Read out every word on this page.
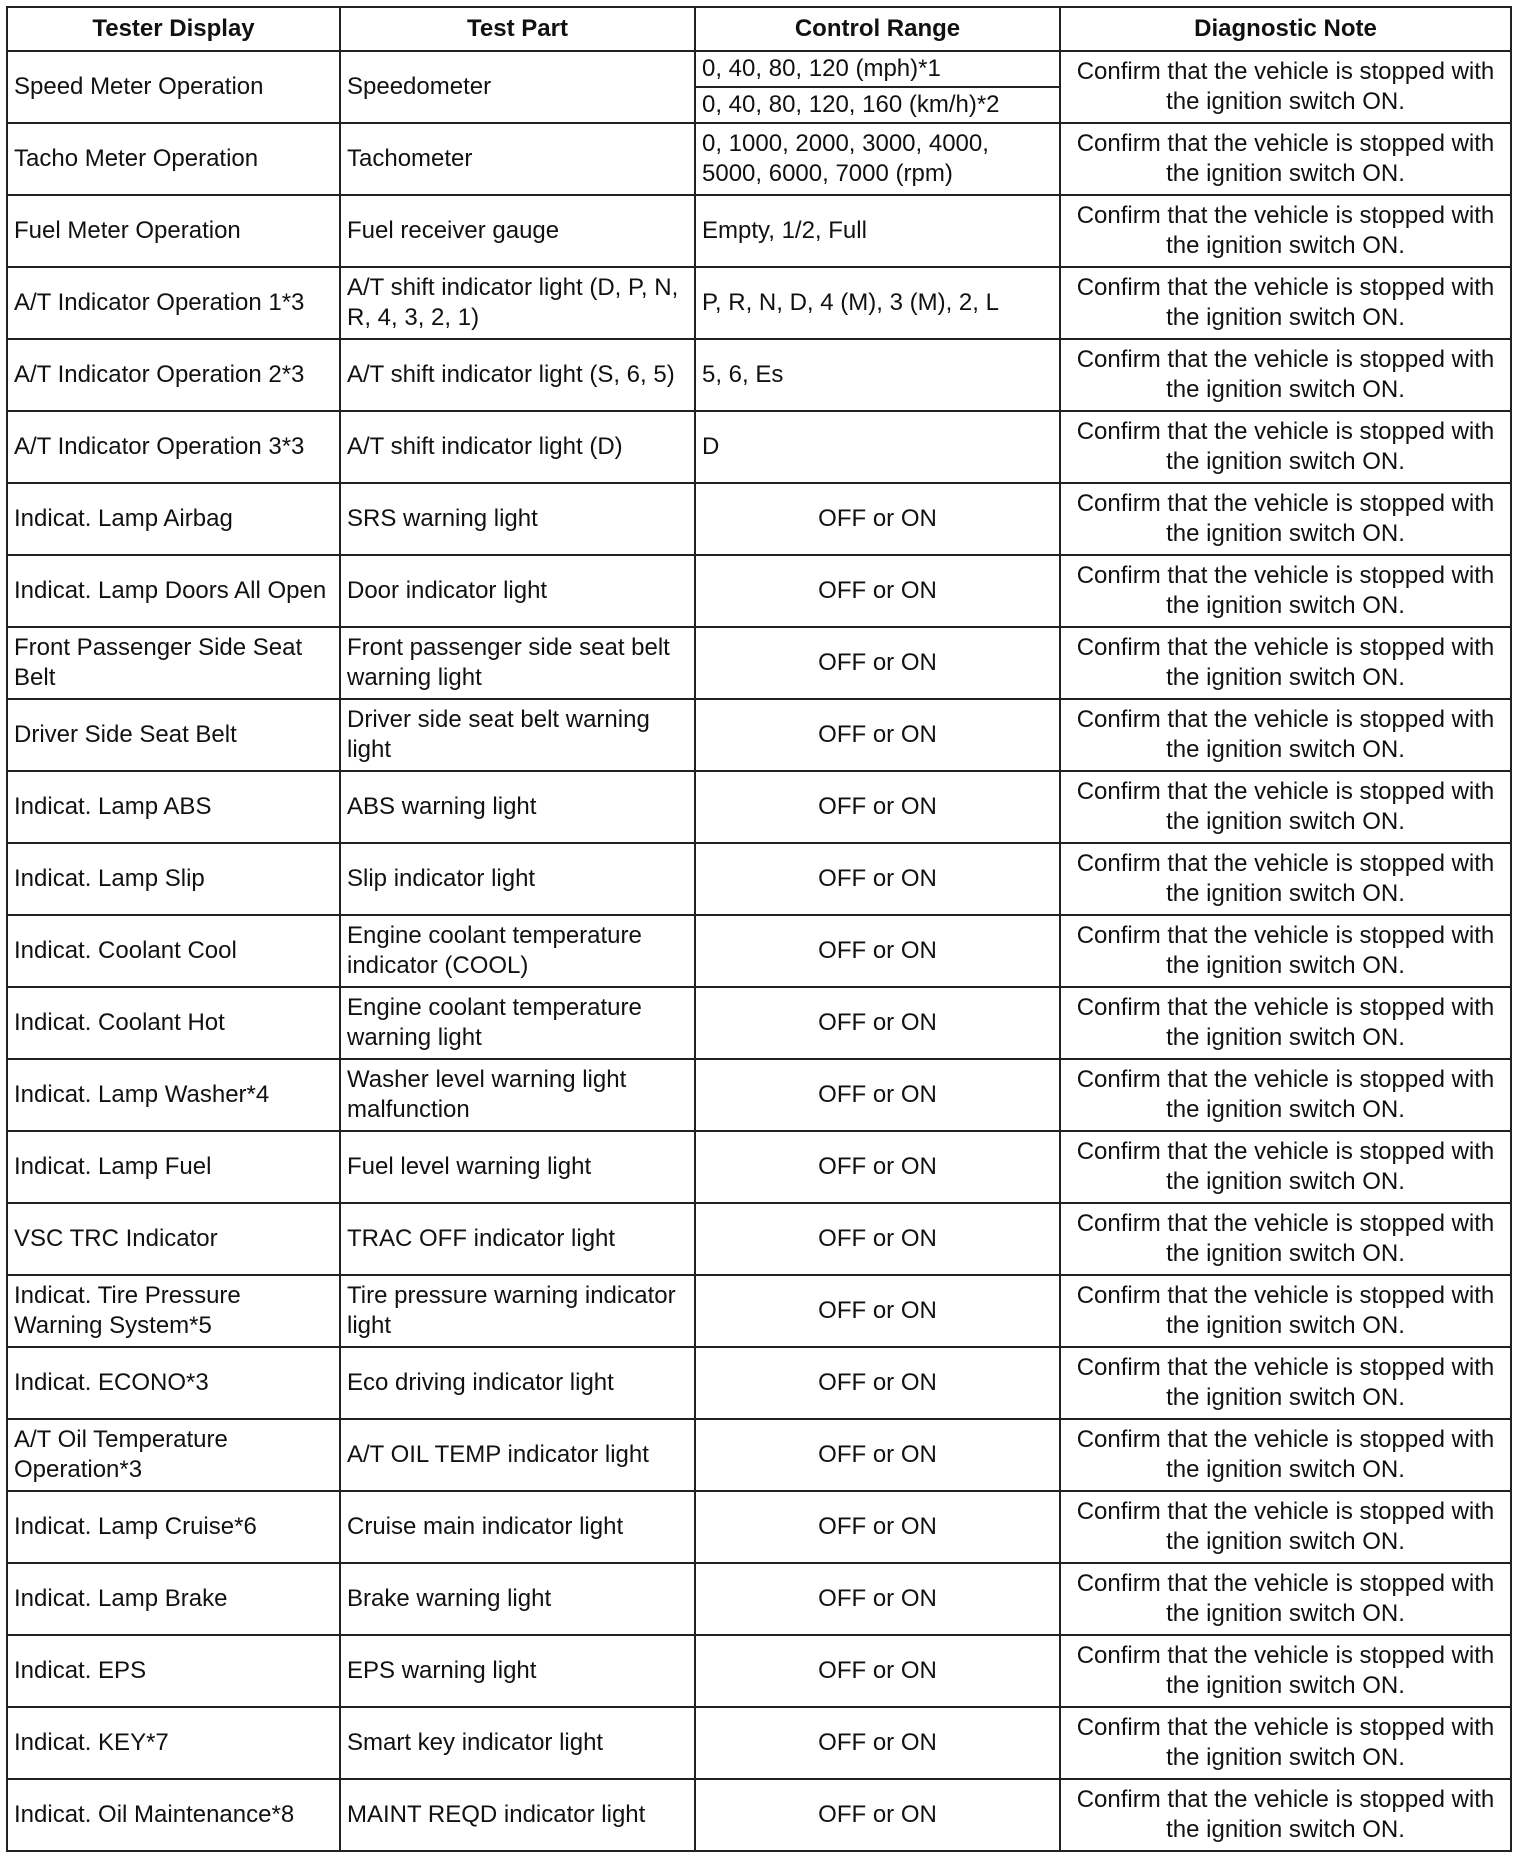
Tester Display	Test Part	Control Range	Diagnostic Note
Speed Meter Operation	Speedometer	0, 40, 80, 120 (mph)*1	Confirm that the vehicle is stopped with the ignition switch ON.
		0, 40, 80, 120, 160 (km/h)*2	
Tacho Meter Operation	Tachometer	0, 1000, 2000, 3000, 4000, 5000, 6000, 7000 (rpm)	Confirm that the vehicle is stopped with the ignition switch ON.
Fuel Meter Operation	Fuel receiver gauge	Empty, 1/2, Full	Confirm that the vehicle is stopped with the ignition switch ON.
A/T Indicator Operation 1*3	A/T shift indicator light (D, P, N, R, 4, 3, 2, 1)	P, R, N, D, 4 (M), 3 (M), 2, L	Confirm that the vehicle is stopped with the ignition switch ON.
A/T Indicator Operation 2*3	A/T shift indicator light (S, 6, 5)	5, 6, Es	Confirm that the vehicle is stopped with the ignition switch ON.
A/T Indicator Operation 3*3	A/T shift indicator light (D)	D	Confirm that the vehicle is stopped with the ignition switch ON.
Indicat. Lamp Airbag	SRS warning light	OFF or ON	Confirm that the vehicle is stopped with the ignition switch ON.
Indicat. Lamp Doors All Open	Door indicator light	OFF or ON	Confirm that the vehicle is stopped with the ignition switch ON.
Front Passenger Side Seat Belt	Front passenger side seat belt warning light	OFF or ON	Confirm that the vehicle is stopped with the ignition switch ON.
Driver Side Seat Belt	Driver side seat belt warning light	OFF or ON	Confirm that the vehicle is stopped with the ignition switch ON.
Indicat. Lamp ABS	ABS warning light	OFF or ON	Confirm that the vehicle is stopped with the ignition switch ON.
Indicat. Lamp Slip	Slip indicator light	OFF or ON	Confirm that the vehicle is stopped with the ignition switch ON.
Indicat. Coolant Cool	Engine coolant temperature indicator (COOL)	OFF or ON	Confirm that the vehicle is stopped with the ignition switch ON.
Indicat. Coolant Hot	Engine coolant temperature warning light	OFF or ON	Confirm that the vehicle is stopped with the ignition switch ON.
Indicat. Lamp Washer*4	Washer level warning light malfunction	OFF or ON	Confirm that the vehicle is stopped with the ignition switch ON.
Indicat. Lamp Fuel	Fuel level warning light	OFF or ON	Confirm that the vehicle is stopped with the ignition switch ON.
VSC TRC Indicator	TRAC OFF indicator light	OFF or ON	Confirm that the vehicle is stopped with the ignition switch ON.
Indicat. Tire Pressure Warning System*5	Tire pressure warning indicator light	OFF or ON	Confirm that the vehicle is stopped with the ignition switch ON.
Indicat. ECONO*3	Eco driving indicator light	OFF or ON	Confirm that the vehicle is stopped with the ignition switch ON.
A/T Oil Temperature Operation*3	A/T OIL TEMP indicator light	OFF or ON	Confirm that the vehicle is stopped with the ignition switch ON.
Indicat. Lamp Cruise*6	Cruise main indicator light	OFF or ON	Confirm that the vehicle is stopped with the ignition switch ON.
Indicat. Lamp Brake	Brake warning light	OFF or ON	Confirm that the vehicle is stopped with the ignition switch ON.
Indicat. EPS	EPS warning light	OFF or ON	Confirm that the vehicle is stopped with the ignition switch ON.
Indicat. KEY*7	Smart key indicator light	OFF or ON	Confirm that the vehicle is stopped with the ignition switch ON.
Indicat. Oil Maintenance*8	MAINT REQD indicator light	OFF or ON	Confirm that the vehicle is stopped with the ignition switch ON.
